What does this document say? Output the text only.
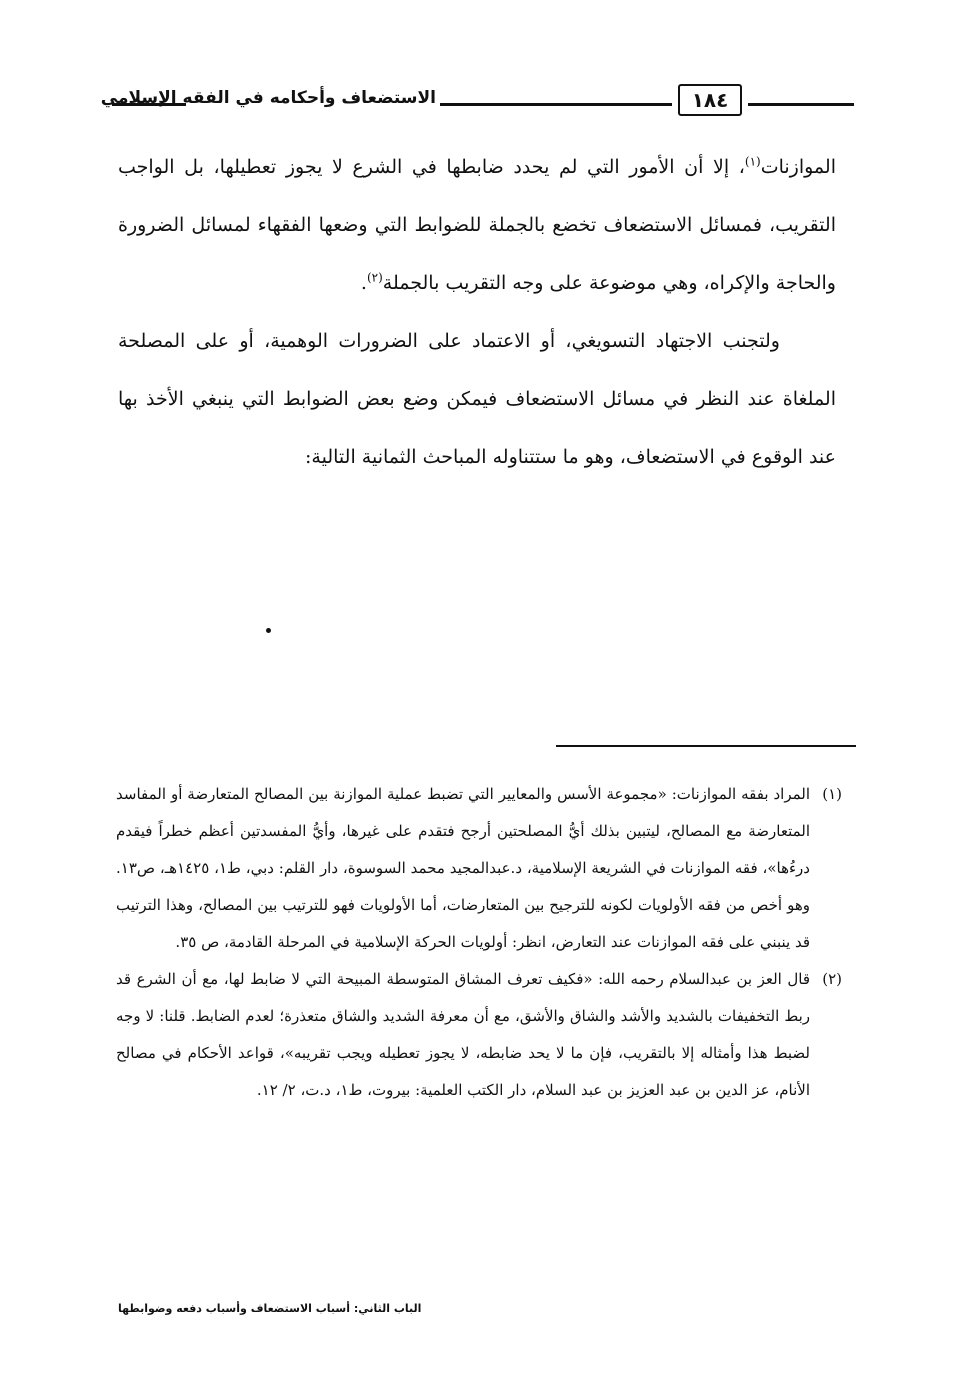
الاستضعاف وأحكامه في الفقه الإسلامي	١٨٤

الموازنات$^{(١)}$، إلا أن الأمور التي لم يحدد ضابطها في الشرع لا يجوز تعطيلها، بل الواجب التقريب، فمسائل الاستضعاف تخضع بالجملة للضوابط التي وضعها الفقهاء لمسائل الضرورة والحاجة والإكراه، وهي موضوعة على وجه التقريب بالجملة$^{(٢)}$.

ولتجنب الاجتهاد التسويغي، أو الاعتماد على الضرورات الوهمية، أو على المصلحة الملغاة عند النظر في مسائل الاستضعاف فيمكن وضع بعض الضوابط التي ينبغي الأخذ بها عند الوقوع في الاستضعاف، وهو ما ستتناوله المباحث الثمانية التالية:

(١)
المراد بفقه الموازنات: «مجموعة الأسس والمعايير التي تضبط عملية الموازنة بين المصالح المتعارضة أو المفاسد المتعارضة مع المصالح، ليتبين بذلك أيُّ المصلحتين أرجح فتقدم على غيرها، وأيُّ المفسدتين أعظم خطراً فيقدم درءُها»، فقه الموازنات في الشريعة الإسلامية، د.عبدالمجيد محمد السوسوة، دار القلم: دبي، ط١، ١٤٢٥هـ، ص١٣. وهو أخص من فقه الأولويات لكونه للترجيح بين المتعارضات، أما الأولويات فهو للترتيب بين المصالح، وهذا الترتيب قد ينبني على فقه الموازنات عند التعارض، انظر: أولويات الحركة الإسلامية في المرحلة القادمة، ص ٣٥.
(٢)
قال العز بن عبدالسلام رحمه الله: «فكيف تعرف المشاق المتوسطة المبيحة التي لا ضابط لها، مع أن الشرع قد ربط التخفيفات بالشديد والأشد والشاق والأشق، مع أن معرفة الشديد والشاق متعذرة؛ لعدم الضابط. قلنا: لا وجه لضبط هذا وأمثاله إلا بالتقريب، فإن ما لا يحد ضابطه، لا يجوز تعطيله ويجب تقريبه»، قواعد الأحكام في مصالح الأنام، عز الدين بن عبد العزيز بن عبد السلام، دار الكتب العلمية: بيروت، ط١، د.ت، ٢/ ١٢.
الباب الثاني: أسباب الاستضعاف وأسباب دفعه وضوابطها
